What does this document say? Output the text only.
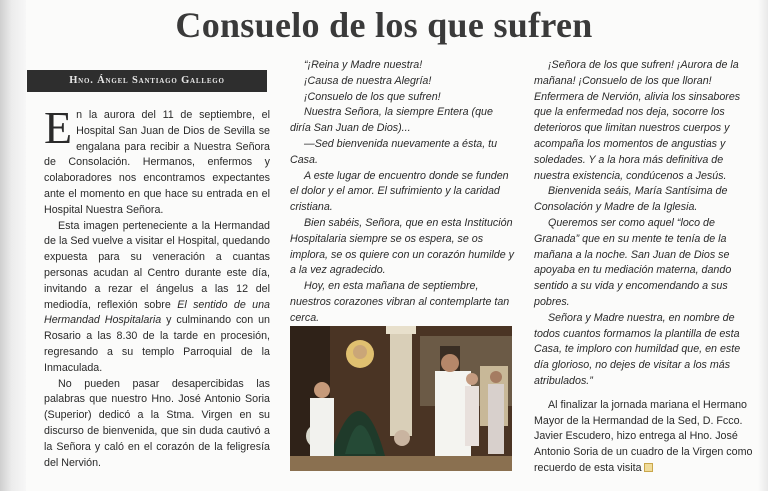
Consuelo de los que sufren
Hno. Ángel Santiago Gallego

En la aurora del 11 de septiembre, el Hospital San Juan de Dios de Sevilla se engalana para recibir a Nuestra Señora de Consolación. Hermanos, enfermos y colaboradores nos encontramos expectantes ante el momento en que hace su entrada en el Hospital Nuestra Señora.

Esta imagen perteneciente a la Hermandad de la Sed vuelve a visitar el Hospital, quedando expuesta para su veneración a cuantas personas acudan al Centro durante este día, invitando a rezar el ángelus a las 12 del mediodía, reflexión sobre El sentido de una Hermandad Hospitalaria y culminando con un Rosario a las 8.30 de la tarde en procesión, regresando a su templo Parroquial de la Inmaculada.

No pueden pasar desapercibidas las palabras que nuestro Hno. José Antonio Soria (Superior) dedicó a la Stma. Virgen en su discurso de bienvenida, que sin duda cautivó a la Señora y caló en el corazón de la feligresía del Nervión.

“¡Reina y Madre nuestra!

¡Causa de nuestra Alegría!

¡Consuelo de los que sufren!

Nuestra Señora, la siempre Entera (que diría San Juan de Dios)...

—Sed bienvenida nuevamente a ésta, tu Casa.

A este lugar de encuentro donde se funden el dolor y el amor. El sufrimiento y la caridad cristiana.

Bien sabéis, Señora, que en esta Institución Hospitalaria siempre se os espera, se os implora, se os quiere con un corazón humilde y a la vez agradecido.

Hoy, en esta mañana de septiembre, nuestros corazones vibran al contemplarte tan cerca.

¡Señora de los que sufren! ¡Aurora de la mañana! ¡Consuelo de los que lloran! Enfermera de Nervión, alivia los sinsabores que la enfermedad nos deja, socorre los deterioros que limitan nuestros cuerpos y acompaña los momentos de angustias y soledades. Y a la hora más definitiva de nuestra existencia, condúcenos a Jesús.

Bienvenida seáis, María Santísima de Consolación y Madre de la Iglesia.

Queremos ser como aquel “loco de Granada” que en su mente te tenía de la mañana a la noche. San Juan de Dios se apoyaba en tu mediación materna, dando sentido a su vida y encomendando a sus pobres.

Señora y Madre nuestra, en nombre de todos cuantos formamos la plantilla de esta Casa, te imploro con humildad que, en este día glorioso, no dejes de visitar a los más atribulados.”

Al finalizar la jornada mariana el Hermano Mayor de la Hermandad de la Sed, D. Fcco. Javier Escudero, hizo entrega al Hno. José Antonio Soria de un cuadro de la Virgen como recuerdo de esta visita
